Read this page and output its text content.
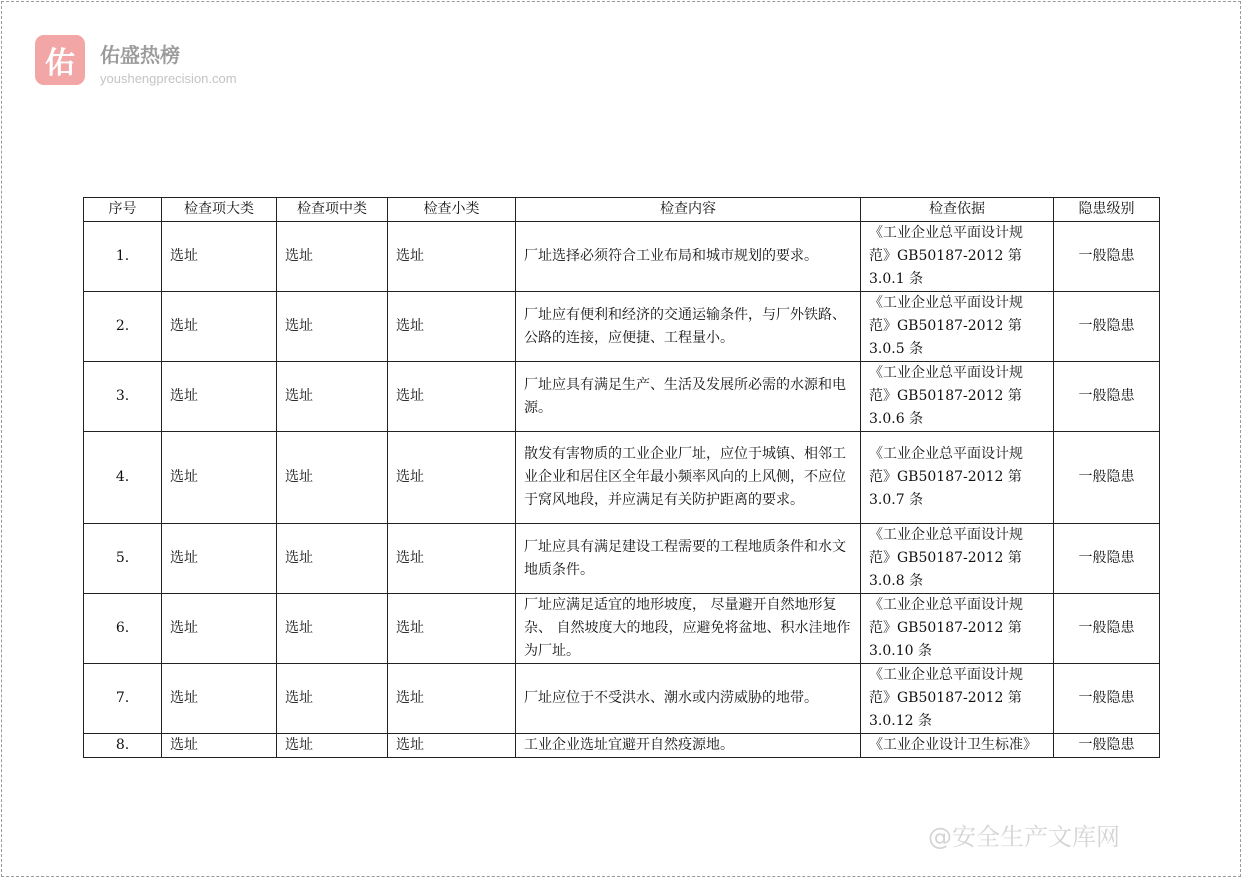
佑	佑盛热榜
youshengprecision.com
序号	检查项大类	检查项中类	检查小类	检查内容	检查依据	隐患级别
1.	选址	选址	选址	厂址选择必须符合工业布局和城市规划的要求。	《工业企业总平面设计规
范》GB50187-2012 第
3.0.1 条	一般隐患
2.	选址	选址	选址	厂址应有便利和经济的交通运输条件，与厂外铁路、公路的连接，应便捷、工程量小。	《工业企业总平面设计规
范》GB50187-2012 第
3.0.5 条	一般隐患
3.	选址	选址	选址	厂址应具有满足生产、生活及发展所必需的水源和电源。	《工业企业总平面设计规
范》GB50187-2012 第
3.0.6 条	一般隐患
4.	选址	选址	选址	散发有害物质的工业企业厂址，应位于城镇、相邻工业企业和居住区全年最小频率风向的上风侧，不应位于窝风地段，并应满足有关防护距离的要求。	《工业企业总平面设计规
范》GB50187-2012 第
3.0.7 条	一般隐患
5.	选址	选址	选址	厂址应具有满足建设工程需要的工程地质条件和水文地质条件。	《工业企业总平面设计规
范》GB50187-2012 第
3.0.8 条	一般隐患
6.	选址	选址	选址	厂址应满足适宜的地形坡度， 尽量避开自然地形复杂、 自然坡度大的地段，应避免将盆地、积水洼地作为厂址。	《工业企业总平面设计规
范》GB50187-2012 第
3.0.10 条	一般隐患
7.	选址	选址	选址	厂址应位于不受洪水、潮水或内涝威胁的地带。	《工业企业总平面设计规
范》GB50187-2012 第
3.0.12 条	一般隐患
8.	选址	选址	选址	工业企业选址宜避开自然疫源地。	《工业企业设计卫生标准》	一般隐患
@安全生产文库网
